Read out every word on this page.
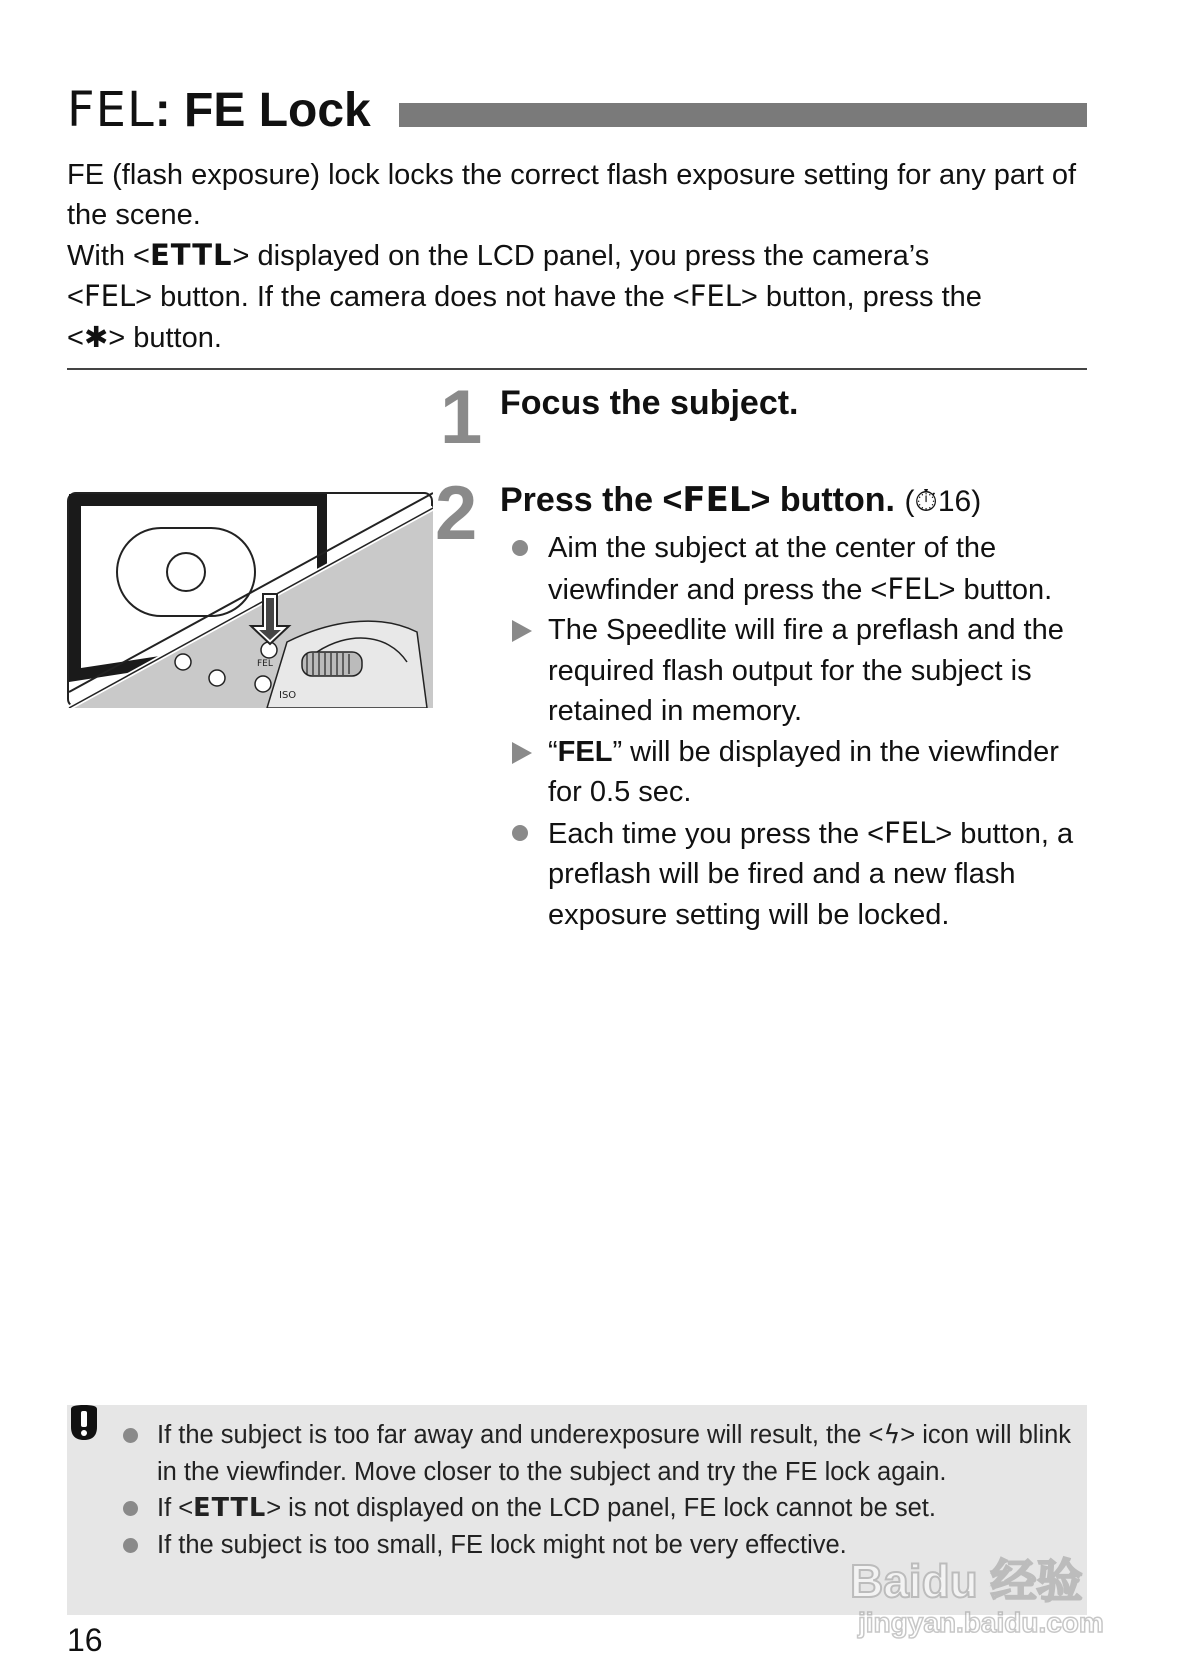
FEL: FE Lock

FE (flash exposure) lock locks the correct flash exposure setting for any part of the scene.

With <ETTL> displayed on the LCD panel, you press the camera’s

<FEL> button. If the camera does not have the <FEL> button, press the

<✱> button.

1 Focus the subject.
2 Press the <FEL> button. (⏱16)
FEL
ISO
Aim the subject at the center of the viewfinder and press the <FEL> button.
The Speedlite will fire a preflash and the required flash output for the subject is retained in memory.
“FEL” will be displayed in the viewfinder for 0.5 sec.
Each time you press the <FEL> button, a preflash will be fired and a new flash exposure setting will be locked.
If the subject is too far away and underexposure will result, the <ϟ> icon will blink in the viewfinder. Move closer to the subject and try the FE lock again.
If <ETTL> is not displayed on the LCD panel, FE lock cannot be set.
If the subject is too small, FE lock might not be very effective.
16
Baidu 经验
jingyan.baidu.com
